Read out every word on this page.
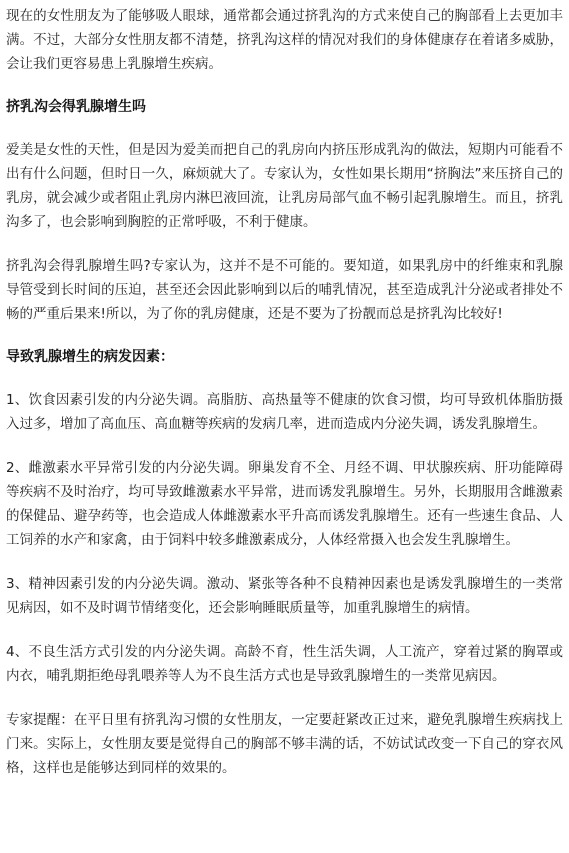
现在的女性朋友为了能够吸人眼球，通常都会通过挤乳沟的方式来使自己的胸部看上去更加丰满。不过，大部分女性朋友都不清楚，挤乳沟这样的情况对我们的身体健康存在着诸多威胁，会让我们更容易患上乳腺增生疾病。

挤乳沟会得乳腺增生吗

爱美是女性的天性，但是因为爱美而把自己的乳房向内挤压形成乳沟的做法，短期内可能看不出有什么问题，但时日一久，麻烦就大了。专家认为，女性如果长期用“挤胸法”来压挤自己的乳房，就会减少或者阻止乳房内淋巴液回流，让乳房局部气血不畅引起乳腺增生。而且，挤乳沟多了，也会影响到胸腔的正常呼吸，不利于健康。

挤乳沟会得乳腺增生吗?专家认为，这并不是不可能的。要知道，如果乳房中的纤维束和乳腺导管受到长时间的压迫，甚至还会因此影响到以后的哺乳情况，甚至造成乳汁分泌或者排处不畅的严重后果来!所以，为了你的乳房健康，还是不要为了扮靓而总是挤乳沟比较好!

导致乳腺增生的病发因素：

1、饮食因素引发的内分泌失调。高脂肪、高热量等不健康的饮食习惯，均可导致机体脂肪摄入过多，增加了高血压、高血糖等疾病的发病几率，进而造成内分泌失调，诱发乳腺增生。

2、雌激素水平异常引发的内分泌失调。卵巢发育不全、月经不调、甲状腺疾病、肝功能障碍等疾病不及时治疗，均可导致雌激素水平异常，进而诱发乳腺增生。另外，长期服用含雌激素的保健品、避孕药等，也会造成人体雌激素水平升高而诱发乳腺增生。还有一些速生食品、人工饲养的水产和家禽，由于饲料中较多雌激素成分，人体经常摄入也会发生乳腺增生。

3、精神因素引发的内分泌失调。激动、紧张等各种不良精神因素也是诱发乳腺增生的一类常见病因，如不及时调节情绪变化，还会影响睡眠质量等，加重乳腺增生的病情。

4、不良生活方式引发的内分泌失调。高龄不育，性生活失调，人工流产，穿着过紧的胸罩或内衣，哺乳期拒绝母乳喂养等人为不良生活方式也是导致乳腺增生的一类常见病因。

专家提醒：在平日里有挤乳沟习惯的女性朋友，一定要赶紧改正过来，避免乳腺增生疾病找上门来。实际上，女性朋友要是觉得自己的胸部不够丰满的话，不妨试试改变一下自己的穿衣风格，这样也是能够达到同样的效果的。
